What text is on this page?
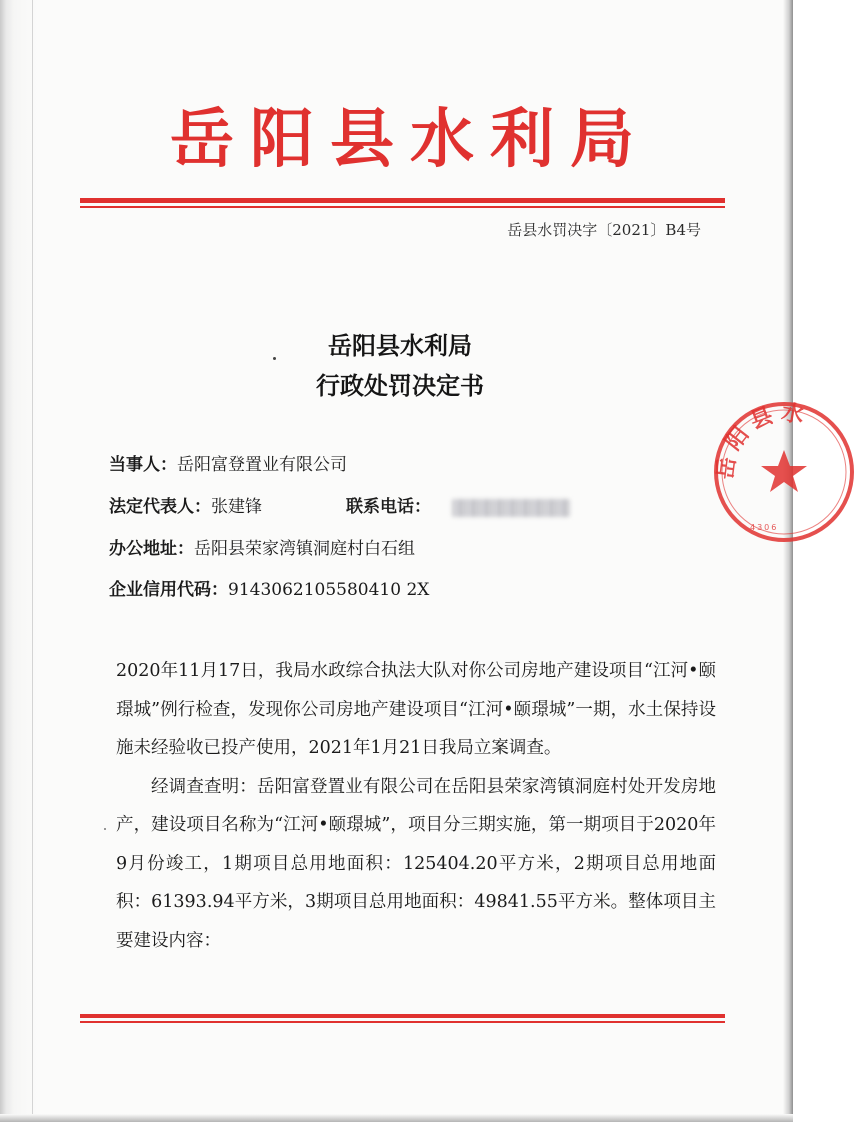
岳阳县水利局
岳县水罚决字〔2021〕B4号
岳阳县水利局
行政处罚决定书
当事人：岳阳富登置业有限公司
法定代表人：张建锋	联系电话：
办公地址：岳阳县荣家湾镇洞庭村白石组
企业信用代码：9143062105580410 2X

2020年11月17日，我局水政综合执法大队对你公司房地产建设项目“江河•颐璟城”例行检查，发现你公司房地产建设项目“江河•颐璟城”一期，水土保持设施未经验收已投产使用，2021年1月21日我局立案调查。

经调查查明：岳阳富登置业有限公司在岳阳县荣家湾镇洞庭村处开发房地产，建设项目名称为“江河•颐璟城”，项目分三期实施，第一期项目于2020年9月份竣工，1期项目总用地面积：125404.20平方米，2期项目总用地面积：61393.94平方米，3期项目总用地面积：49841.55平方米。整体项目主要建设内容：

岳阳县水
4306
